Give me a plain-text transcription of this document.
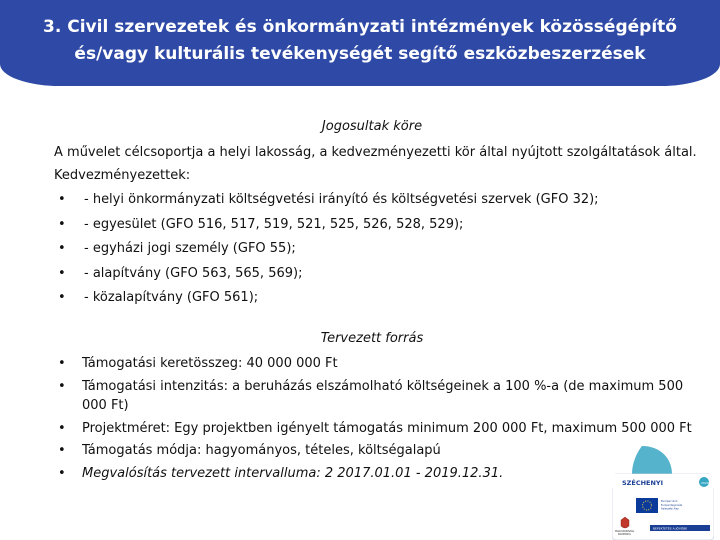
3. Civil szervezetek és önkormányzati intézmények közösségépítő
és/vagy kulturális tevékenységét segítő eszközbeszerzések
Jogosultak köre
A művelet célcsoportja a helyi lakosság, a kedvezményezetti kör által nyújtott szolgáltatások által.
Kedvezményezettek:
•	- helyi önkormányzati költségvetési irányító és költségvetési szervek (GFO 32);
•	- egyesület (GFO 516, 517, 519, 521, 525, 526, 528, 529);
•	- egyházi jogi személy (GFO 55);
•	- alapítvány (GFO 563, 565, 569);
•	- közalapítvány (GFO 561);
Tervezett forrás
•	Támogatási keretösszeg: 40 000 000 Ft
•	Támogatási intenzitás: a beruházás elszámolható költségeinek a 100 %-a (de maximum 500 000 Ft)
•	Projektméret: Egy projektben igényelt támogatás minimum 200 000 Ft, maximum 500 000 Ft
•	Támogatás módja: hagyományos, tételes, költségalapú
•	Megvalósítás tervezett intervalluma: 2 2017.01.01 - 2019.12.31.
SZÉCHENYI	2020
Európai Unió
Európai Regionális
Fejlesztési Alap
MAGYARORSZÁG
KORMÁNYA
BEFEKTETÉS A JÖVŐBE
